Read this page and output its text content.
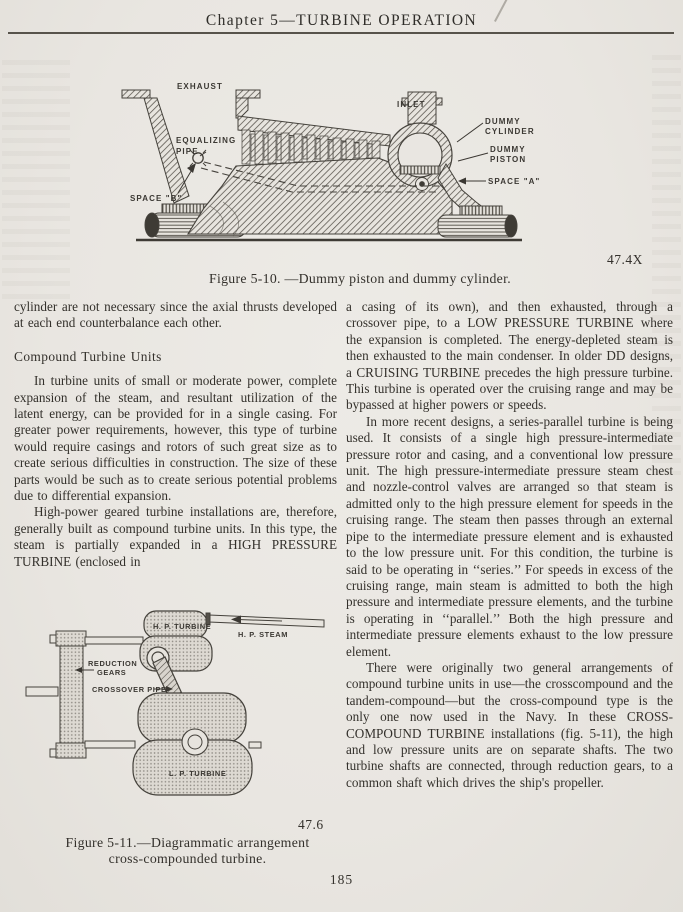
Chapter 5—TURBINE OPERATION
EXHAUST
INLET
EQUALIZING
PIPE
SPACE "B"
DUMMY
CYLINDER
DUMMY
PISTON
SPACE "A"
47.4X
Figure 5-10. —Dummy piston and dummy cylinder.

cylinder are not necessary since the axial thrusts developed at each end counterbalance each other.

Compound Turbine Units

In turbine units of small or moderate power, complete expansion of the steam, and resultant utilization of the latent energy, can be provided for in a single casing. For greater power requirements, however, this type of turbine would require casings and rotors of such great size as to create serious difficulties in construction. The size of these parts would be such as to create serious potential problems due to differential expansion.

High-power geared turbine installations are, therefore, generally built as compound turbine units. In this type, the steam is partially expanded in a HIGH PRESSURE TURBINE (enclosed in

a casing of its own), and then exhausted, through a crossover pipe, to a LOW PRESSURE TURBINE where the expansion is completed. The energy-depleted steam is then exhausted to the main condenser. In older DD designs, a CRUISING TURBINE precedes the high pressure turbine. This turbine is operated over the cruising range and may be bypassed at higher powers or speeds.

In more recent designs, a series-parallel turbine is being used. It consists of a single high pressure-intermediate pressure rotor and casing, and a conventional low pressure unit. The high pressure-intermediate pressure steam chest and nozzle-control valves are arranged so that steam is admitted only to the high pressure element for speeds in the cruising range. The steam then passes through an external pipe to the intermediate pressure element and is exhausted to the low pressure unit. For this condition, the turbine is said to be operating in ‘‘series.’’ For speeds in excess of the cruising range, main steam is admitted to both the high pressure and intermediate pressure elements, and the turbine is operating in ‘‘parallel.’’ Both the high pressure and intermediate pressure elements exhaust to the low pressure element.

There were originally two general arrangements of compound turbine units in use—the crosscompound and the tandem-compound—but the cross-compound type is the only one now used in the Navy. In these CROSS-COMPOUND TURBINE installations (fig. 5-11), the high and low pressure units are on separate shafts. The two turbine shafts are connected, through reduction gears, to a common shaft which drives the ship's propeller.

H. P. TURBINE
H. P. STEAM
REDUCTION
GEARS
CROSSOVER PIPE
L. P. TURBINE
47.6
Figure 5-11.—Diagrammatic arrangement
cross-compounded turbine.
185
